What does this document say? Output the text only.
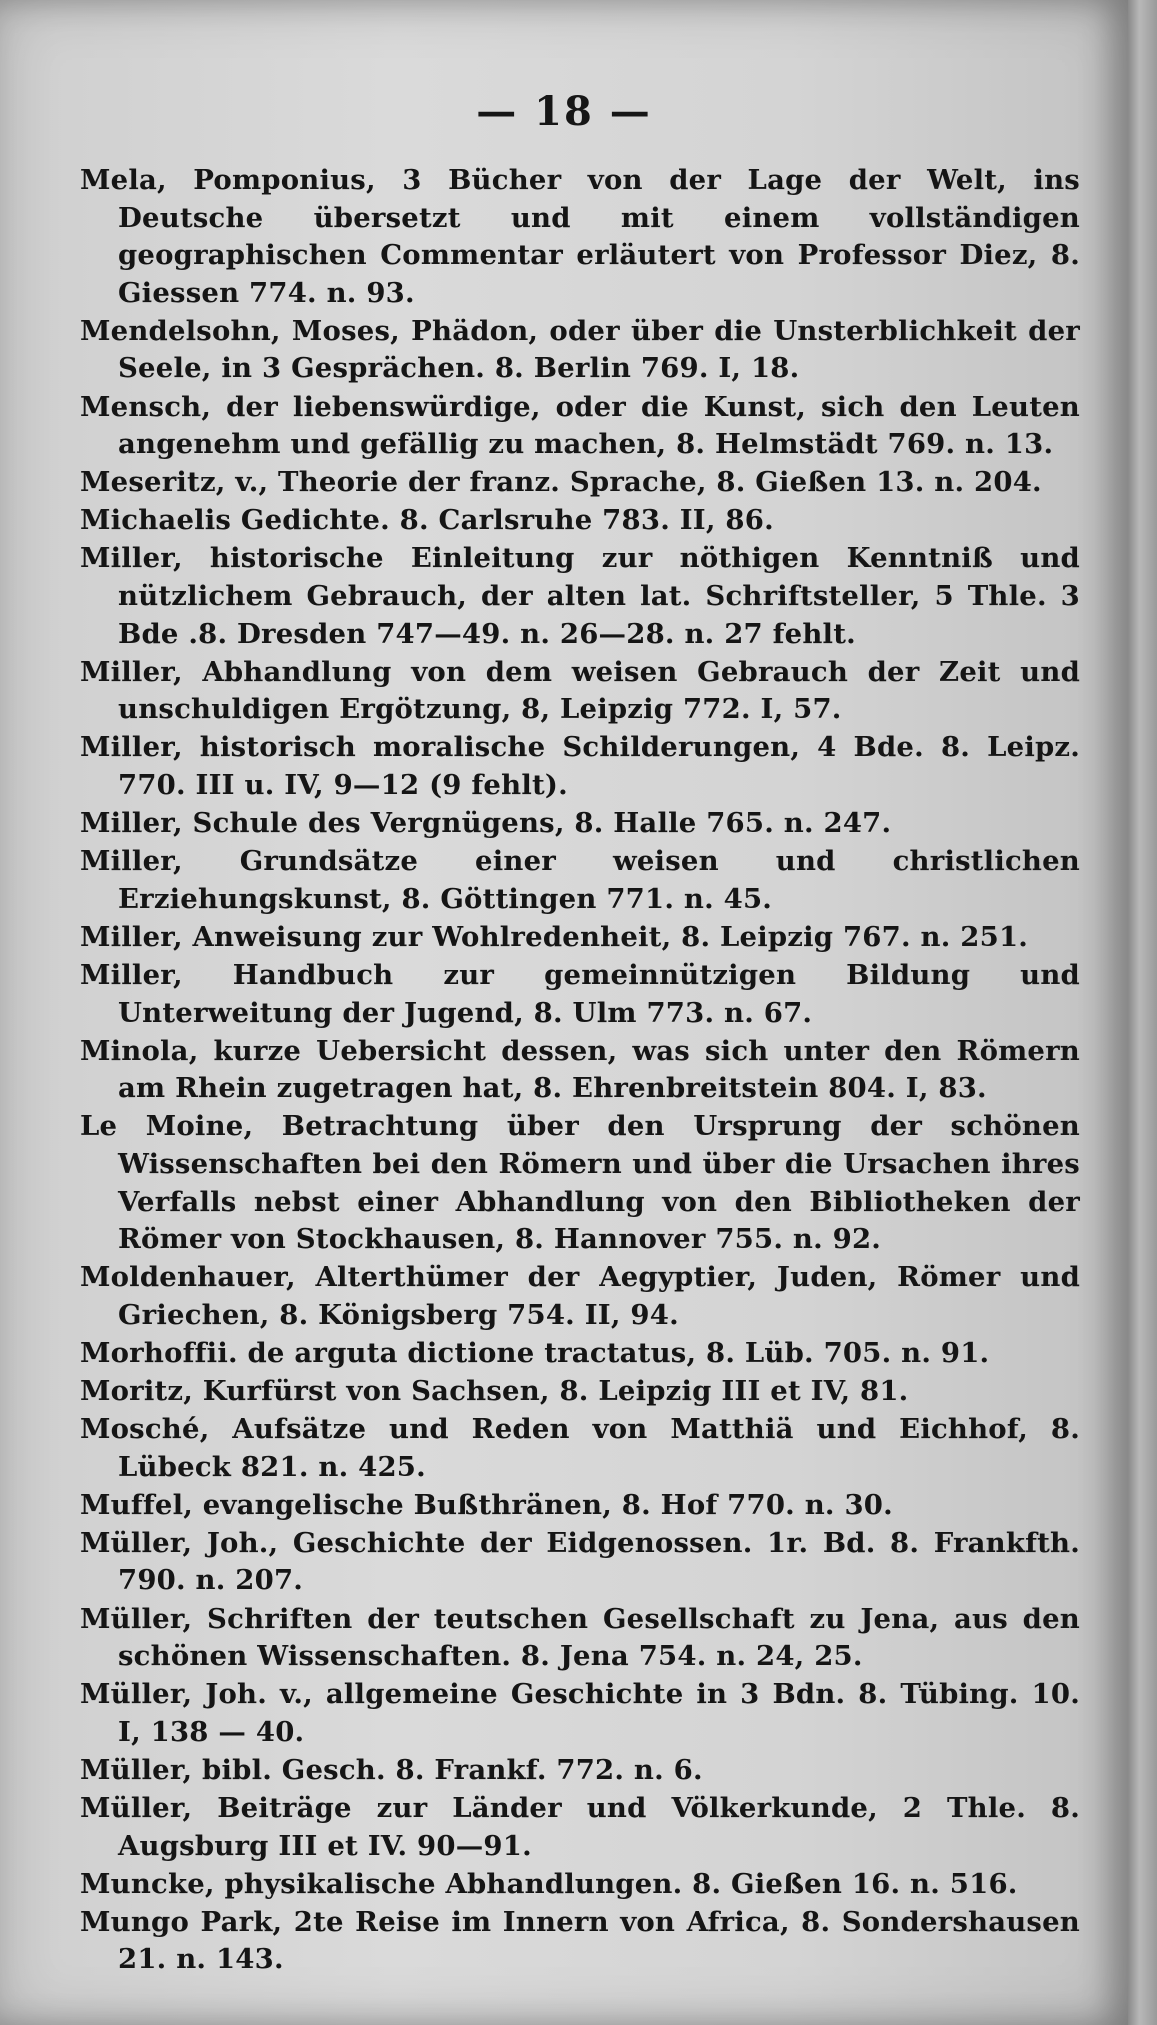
— 18 —

Mela, Pomponius, 3 Bücher von der Lage der Welt, ins Deutsche übersetzt und mit einem vollständigen geographischen Commentar erläutert von Professor Diez, 8. Giessen 774. n. 93.

Mendelsohn, Moses, Phädon, oder über die Unsterblichkeit der Seele, in 3 Gesprächen. 8. Berlin 769. I, 18.

Mensch, der liebenswürdige, oder die Kunst, sich den Leuten angenehm und gefällig zu machen, 8. Helmstädt 769. n. 13.

Meseritz, v., Theorie der franz. Sprache, 8. Gießen 13. n. 204.

Michaelis Gedichte. 8. Carlsruhe 783. II, 86.

Miller, historische Einleitung zur nöthigen Kenntniß und nützlichem Gebrauch, der alten lat. Schriftsteller, 5 Thle. 3 Bde .8. Dresden 747—49. n. 26—28. n. 27 fehlt.

Miller, Abhandlung von dem weisen Gebrauch der Zeit und unschuldigen Ergötzung, 8, Leipzig 772. I, 57.

Miller, historisch moralische Schilderungen, 4 Bde. 8. Leipz. 770. III u. IV, 9—12 (9 fehlt).

Miller, Schule des Vergnügens, 8. Halle 765. n. 247.

Miller, Grundsätze einer weisen und christlichen Erziehungskunst, 8. Göttingen 771. n. 45.

Miller, Anweisung zur Wohlredenheit, 8. Leipzig 767. n. 251.

Miller, Handbuch zur gemeinnützigen Bildung und Unterweitung der Jugend, 8. Ulm 773. n. 67.

Minola, kurze Uebersicht dessen, was sich unter den Römern am Rhein zugetragen hat, 8. Ehrenbreitstein 804. I, 83.

Le Moine, Betrachtung über den Ursprung der schönen Wissenschaften bei den Römern und über die Ursachen ihres Verfalls nebst einer Abhandlung von den Bibliotheken der Römer von Stockhausen, 8. Hannover 755. n. 92.

Moldenhauer, Alterthümer der Aegyptier, Juden, Römer und Griechen, 8. Königsberg 754. II, 94.

Morhoffii. de arguta dictione tractatus, 8. Lüb. 705. n. 91.

Moritz, Kurfürst von Sachsen, 8. Leipzig III et IV, 81.

Mosché, Aufsätze und Reden von Matthiä und Eichhof, 8. Lübeck 821. n. 425.

Muffel, evangelische Bußthränen, 8. Hof 770. n. 30.

Müller, Joh., Geschichte der Eidgenossen. 1r. Bd. 8. Frankfth. 790. n. 207.

Müller, Schriften der teutschen Gesellschaft zu Jena, aus den schönen Wissenschaften. 8. Jena 754. n. 24, 25.

Müller, Joh. v., allgemeine Geschichte in 3 Bdn. 8. Tübing. 10. I, 138 — 40.

Müller, bibl. Gesch. 8. Frankf. 772. n. 6.

Müller, Beiträge zur Länder und Völkerkunde, 2 Thle. 8. Augsburg III et IV. 90—91.

Muncke, physikalische Abhandlungen. 8. Gießen 16. n. 516.

Mungo Park, 2te Reise im Innern von Africa, 8. Sondershausen 21. n. 143.
